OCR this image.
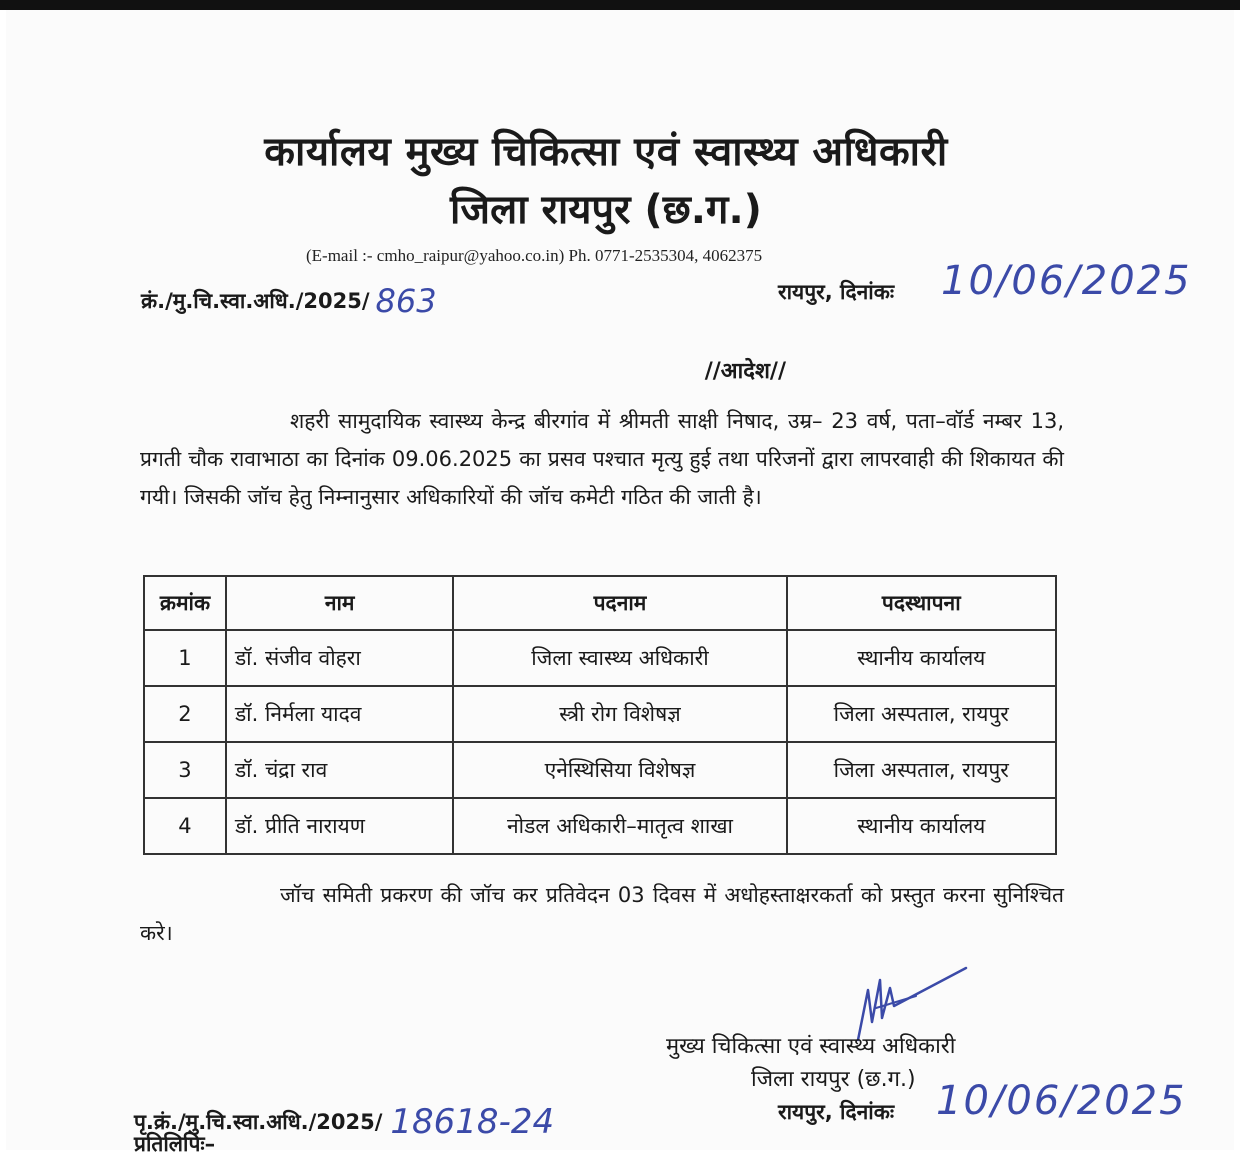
कार्यालय मुख्य चिकित्सा एवं स्वास्थ्य अधिकारी
जिला रायपुर (छ.ग.)
(E-mail :- cmho_raipur@yahoo.co.in) Ph. 0771-2535304, 4062375
क्रं./मु.चि.स्वा.अधि./2025/ 863	रायपुर, दिनांकः 10/06/2025
//आदेश//
शहरी सामुदायिक स्वास्थ्य केन्द्र बीरगांव में श्रीमती साक्षी निषाद, उम्र– 23 वर्ष, पता–वॉर्ड नम्बर 13, प्रगती चौक रावाभाठा का दिनांक 09.06.2025 का प्रसव पश्चात मृत्यु हुई तथा परिजनों द्वारा लापरवाही की शिकायत की गयी। जिसकी जॉच हेतु निम्नानुसार अधिकारियों की जॉच कमेटी गठित की जाती है।
क्रमांक	नाम	पदनाम	पदस्थापना
1	डॉ. संजीव वोहरा	जिला स्वास्थ्य अधिकारी	स्थानीय कार्यालय
2	डॉ. निर्मला यादव	स्त्री रोग विशेषज्ञ	जिला अस्पताल, रायपुर
3	डॉ. चंद्रा राव	एनेस्थिसिया विशेषज्ञ	जिला अस्पताल, रायपुर
4	डॉ. प्रीति नारायण	नोडल अधिकारी–मातृत्व शाखा	स्थानीय कार्यालय
जॉच समिती प्रकरण की जॉच कर प्रतिवेदन 03 दिवस में अधोहस्ताक्षरकर्ता को प्रस्तुत करना सुनिश्चित करे।
मुख्य चिकित्सा एवं स्वास्थ्य अधिकारी
जिला रायपुर (छ.ग.)
रायपुर, दिनांकः 10/06/2025
पृ.क्रं./मु.चि.स्वा.अधि./2025/ 18618-24
प्रतिलिपिः–
